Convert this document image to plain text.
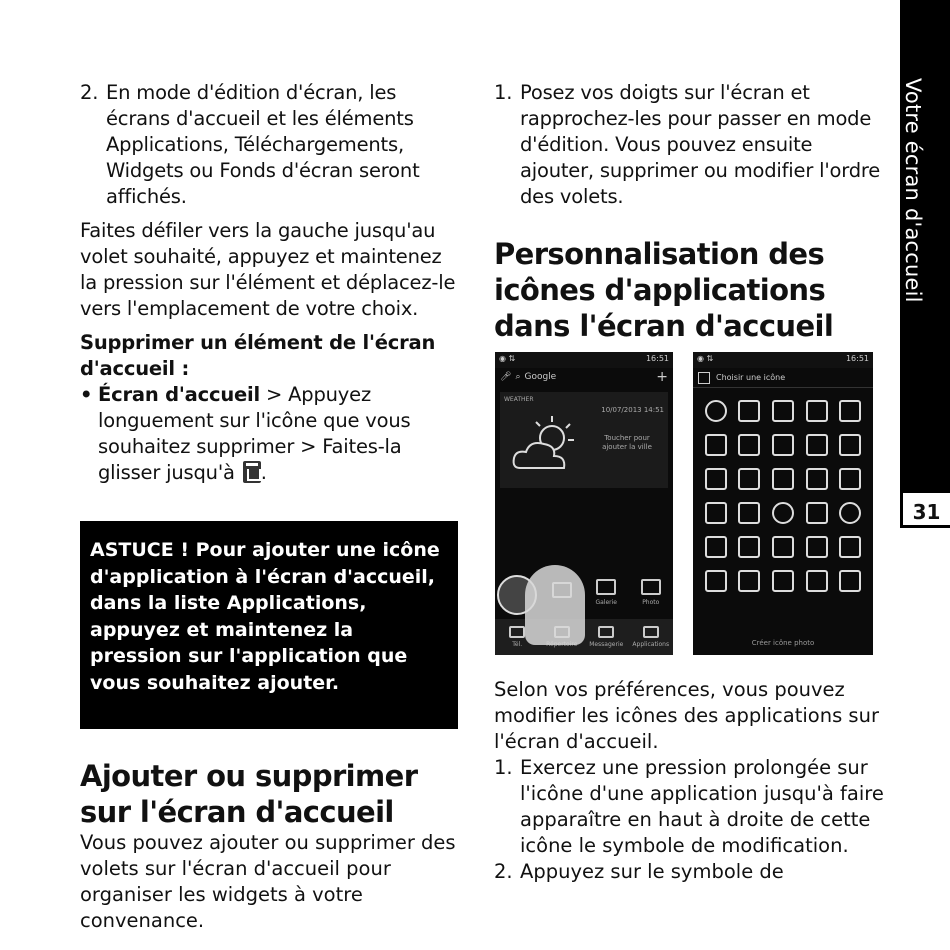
2. En mode d'édition d'écran, les écrans d'accueil et les éléments Applications, Téléchargements, Widgets ou Fonds d'écran seront affichés.

Faites défiler vers la gauche jusqu'au volet souhaité, appuyez et maintenez la pression sur l'élément et déplacez-le vers l'emplacement de votre choix.

Supprimer un élément de l'écran d'accueil :

• Écran d'accueil > Appuyez longuement sur l'icône que vous souhaitez supprimer > Faites-la glisser jusqu'à .
ASTUCE ! Pour ajouter une icône d'application à l'écran d'accueil, dans la liste Applications, appuyez et maintenez la pression sur l'application que vous souhaitez ajouter.
Ajouter ou supprimer sur l'écran d'accueil
Vous pouvez ajouter ou supprimer des volets sur l'écran d'accueil pour organiser les widgets à votre convenance.
1. Posez vos doigts sur l'écran et rapprochez-les pour passer en mode d'édition. Vous pouvez ensuite ajouter, supprimer ou modifier l'ordre des volets.
Personnalisation des icônes d'applications dans l'écran d'accueil
◉ ⇅	16:51
🎤︎ ⌕ Google	+
WEATHER
10/07/2013 14:51
Toucher pour ajouter la ville
Galerie	Photo
Tél.	Messagerie	Applications
◉ ⇅	16:51
Choisir une icône
Créer icône photo
Selon vos préférences, vous pouvez modifier les icônes des applications sur l'écran d'accueil.
1. Exercez une pression prolongée sur l'icône d'une application jusqu'à faire apparaître en haut à droite de cette icône le symbole de modification.
2. Appuyez sur le symbole de
Votre écran d'accueil
31
